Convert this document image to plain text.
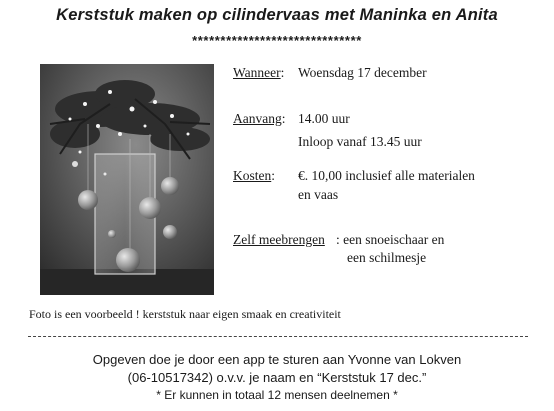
Kerststuk maken op cilindervaas met Maninka en Anita
******************************
Wanneer: Woensdag 17 december
Aanvang: 14.00 uur
Inloop vanaf 13.45 uur
Kosten: €. 10,00 inclusief alle materialen
en vaas
Zelf meebrengen : een snoeischaar en
een schilmesje
Foto is een voorbeeld ! kerststuk naar eigen smaak en creativiteit
Opgeven doe je door een app te sturen aan Yvonne van Lokven
(06-10517342) o.v.v. je naam en “Kerststuk 17 dec.”
* Er kunnen in totaal 12 mensen deelnemen *
